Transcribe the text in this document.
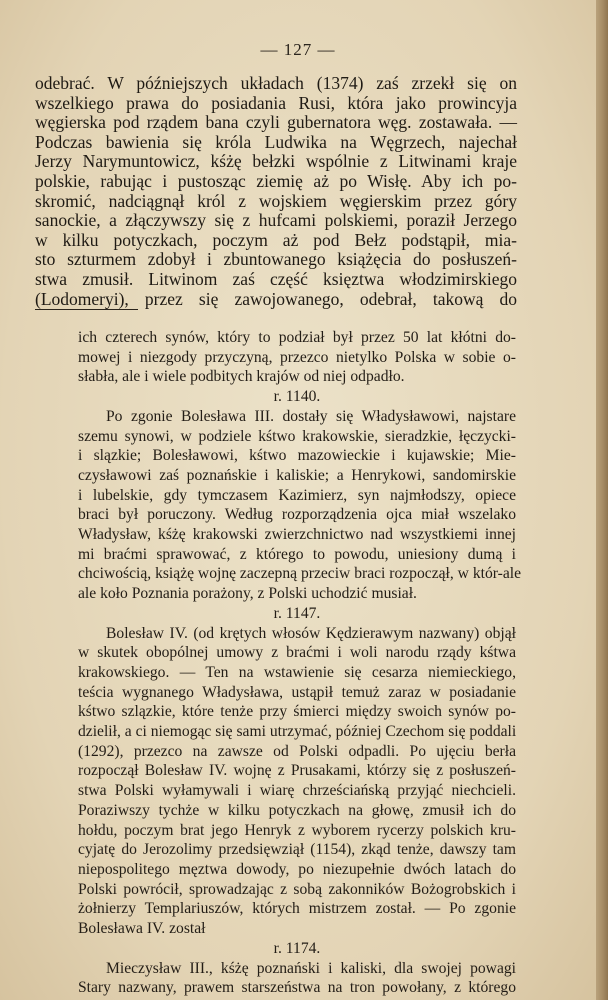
— 127 —
odebrać. W późniejszych układach (1374) zaś zrzekł się on
wszelkiego prawa do posiadania Rusi, która jako prowincyja
węgierska pod rządem bana czyli gubernatora węg. zostawała. —
Podczas bawienia się króla Ludwika na Węgrzech, najechał
Jerzy Narymuntowicz, kśżę bełzki wspólnie z Litwinami kraje
polskie, rabując i pustosząc ziemię aż po Wisłę. Aby ich po-
skromić, nadciągnął król z wojskiem węgierskim przez góry
sanockie, a złączywszy się z hufcami polskiemi, poraził Jerzego
w kilku potyczkach, poczym aż pod Bełz podstąpił, mia-
sto szturmem zdobył i zbuntowanego książęcia do posłuszeń-
stwa zmusił. Litwinom zaś część księztwa włodzimirskiego
(Lodomeryi), przez się zawojowanego, odebrał, takową do
ich czterech synów, który to podział był przez 50 lat kłótni do-
mowej i niezgody przyczyną, przezco nietylko Polska w sobie o-
słabła, ale i wiele podbitych krajów od niej odpadło.
r. 1140.
Po zgonie Bolesława III. dostały się Władysławowi, najstare
szemu synowi, w podziele kśtwo krakowskie, sieradzkie, łęczycki-
i slązkie; Bolesławowi, kśtwo mazowieckie i kujawskie; Mie-
czysławowi zaś poznańskie i kaliskie; a Henrykowi, sandomirskie
i lubelskie, gdy tymczasem Kazimierz, syn najmłodszy, opiece
braci był poruczony. Według rozporządzenia ojca miał wszelako
Władysław, kśżę krakowski zwierzchnictwo nad wszystkiemi innej
mi braćmi sprawować, z którego to powodu, uniesiony dumą i
chciwością, książę wojnę zaczepną przeciw braci rozpoczął, w któr-ale
ale koło Poznania porażony, z Polski uchodzić musiał.
r. 1147.
Bolesław IV. (od krętych włosów Kędzierawym nazwany) objął
w skutek obopólnej umowy z braćmi i woli narodu rządy kśtwa
krakowskiego. — Ten na wstawienie się cesarza niemieckiego,
teścia wygnanego Władysława, ustąpił temuż zaraz w posiadanie
kśtwo szlązkie, które tenże przy śmierci między swoich synów po-
dzielił, a ci niemogąc się sami utrzymać, później Czechom się poddali
(1292), przezco na zawsze od Polski odpadli. Po ujęciu berła
rozpoczął Bolesław IV. wojnę z Prusakami, którzy się z posłuszeń-
stwa Polski wyłamywali i wiarę chrześciańską przyjąć niechcieli.
Poraziwszy tychże w kilku potyczkach na głowę, zmusił ich do
hołdu, poczym brat jego Henryk z wyborem rycerzy polskich kru-
cyjatę do Jerozolimy przedsięwziął (1154), zkąd tenże, dawszy tam
niepospolitego męztwa dowody, po niezupełnie dwóch latach do
Polski powrócił, sprowadzając z sobą zakonników Bożogrobskich i
żołnierzy Templariuszów, których mistrzem został. — Po zgonie
Bolesława IV. został
r. 1174.
Mieczysław III., kśżę poznański i kaliski, dla swojej powagi
Stary nazwany, prawem starszeństwa na tron powołany, z którego
